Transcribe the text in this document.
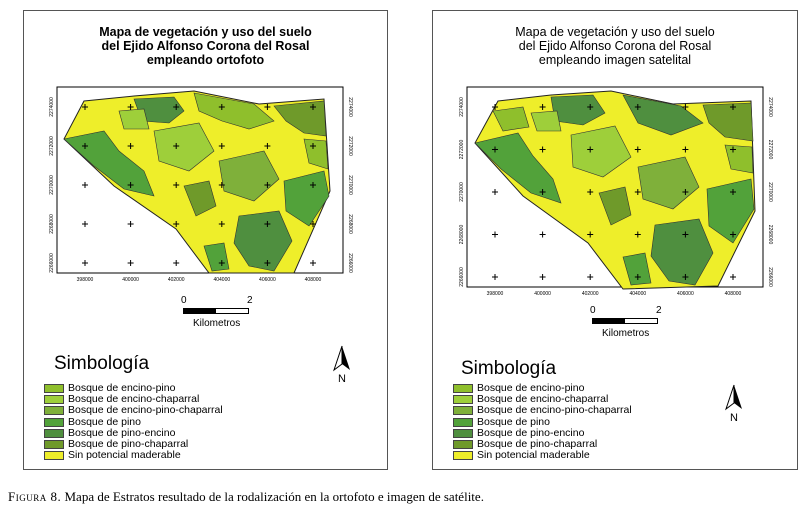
Mapa de vegetación y uso del suelo
del Ejido Alfonso Corona del Rosal
empleando ortofoto
398000	400000	402000	404000	406000	408000
2274000
2272000
2270000
2268000
2266000
2274000
2272000
2270000
2268000
2266000
0	2
Kilometros
Simbología
Bosque de encino-pino
Bosque de encino-chaparral
Bosque de encino-pino-chaparral
Bosque de pino
Bosque de pino-encino
Bosque de pino-chaparral
Sin potencial maderable
N
Mapa de vegetación y uso del suelo
del Ejido Alfonso Corona del Rosal
empleando imagen satelital
398000	400000	402000	404000	406000	408000
2274000
2272000
2270000
2268000
2266000
2274000
2272000
2270000
2268000
2266000
0	2
Kilometros
Simbología
Bosque de encino-pino
Bosque de encino-chaparral
Bosque de encino-pino-chaparral
Bosque de pino
Bosque de pino-encino
Bosque de pino-chaparral
Sin potencial maderable
N
Figura 8. Mapa de Estratos resultado de la rodalización en la ortofoto e imagen de satélite.
